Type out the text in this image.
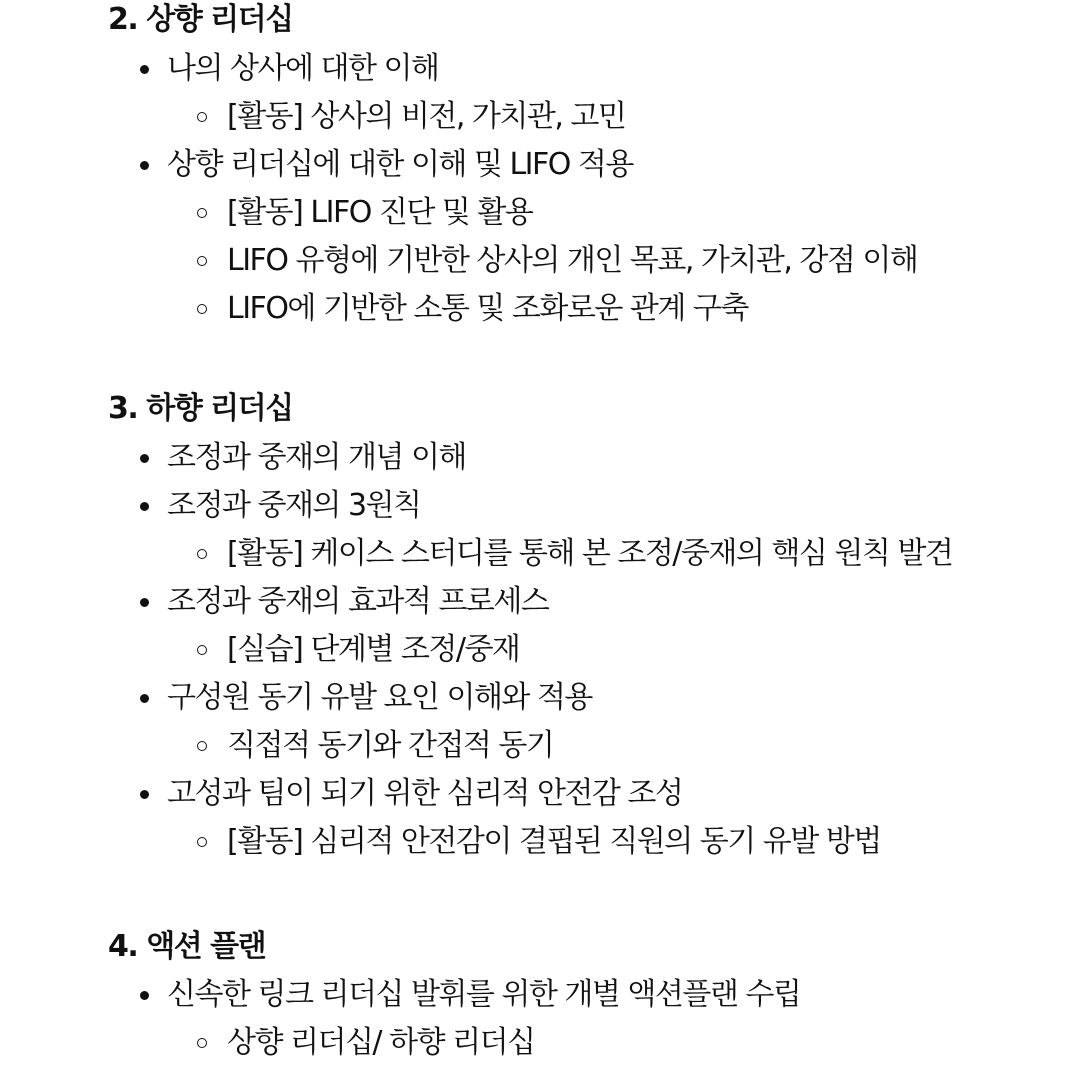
2. 상향 리더십
나의 상사에 대한 이해
[활동] 상사의 비전, 가치관, 고민
상향 리더십에 대한 이해 및 LIFO 적용
[활동] LIFO 진단 및 활용
LIFO 유형에 기반한 상사의 개인 목표, 가치관, 강점 이해
LIFO에 기반한 소통 및 조화로운 관계 구축
3. 하향 리더십
조정과 중재의 개념 이해
조정과 중재의 3원칙
[활동] 케이스 스터디를 통해 본 조정/중재의 핵심 원칙 발견
조정과 중재의 효과적 프로세스
[실습] 단계별 조정/중재
구성원 동기 유발 요인 이해와 적용
직접적 동기와 간접적 동기
고성과 팀이 되기 위한 심리적 안전감 조성
[활동] 심리적 안전감이 결핍된 직원의 동기 유발 방법
4. 액션 플랜
신속한 링크 리더십 발휘를 위한 개별 액션플랜 수립
상향 리더십/ 하향 리더십
